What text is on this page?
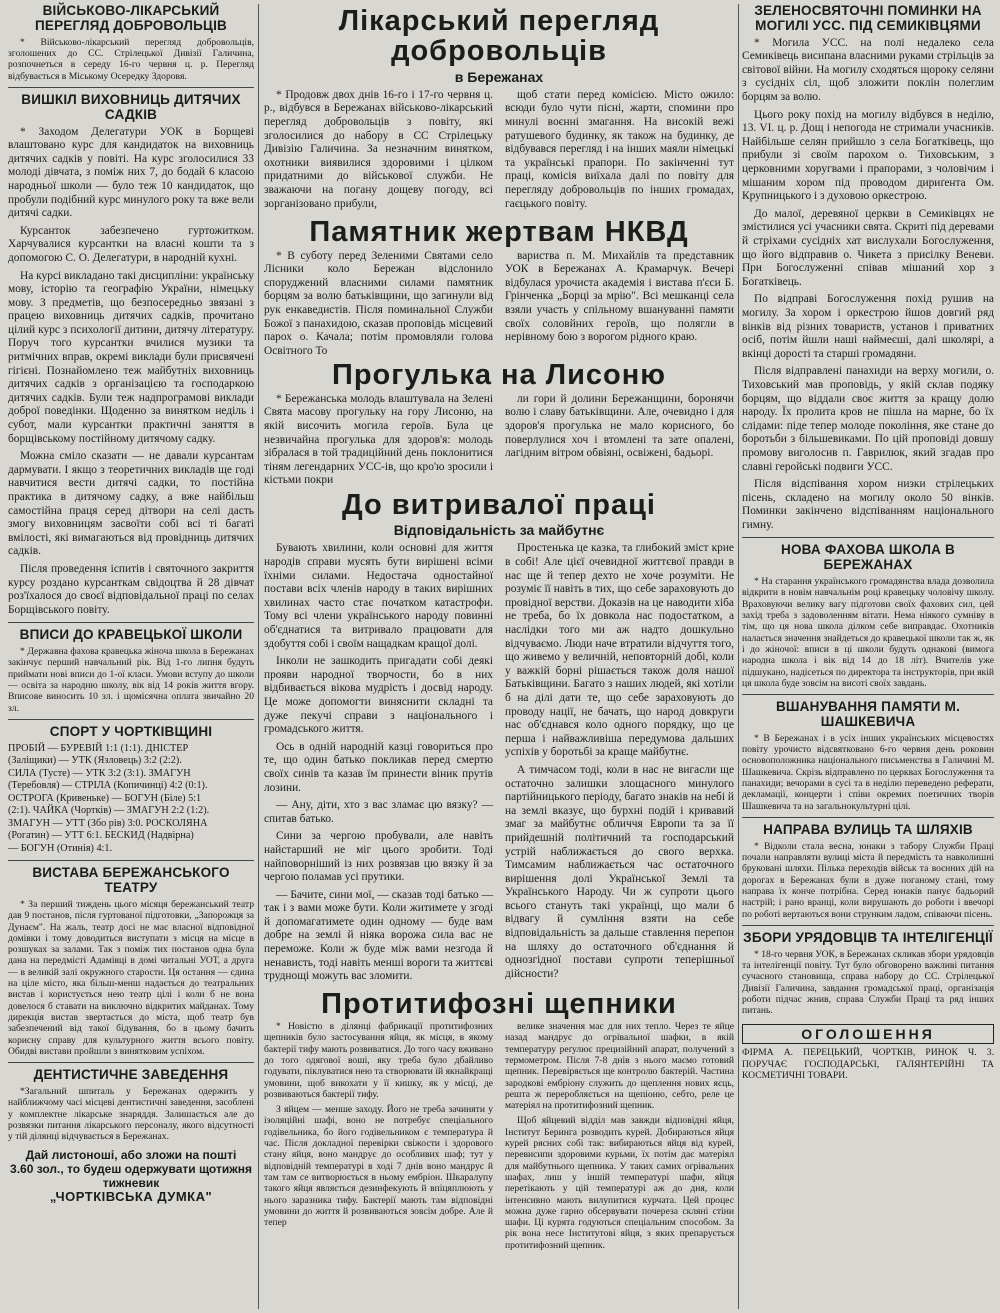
ВІЙСЬКОВО-ЛІКАРСЬКИЙ ПЕРЕГЛЯД ДОБРОВОЛЬЦІВ

* Військово-лікарський перегляд добровольців, зголошених до СС. Стрілецької Дивізії Галичина, розпочнеться в середу 16-го червня ц. р. Перегляд відбувається в Міському Осередку Здоровя.

ВИШКІЛ ВИХОВНИЦЬ ДИТЯЧИХ САДКІВ

* Заходом Делегатури УОК в Борщеві влаштовано курс для кандидаток на виховниць дитячих садків у повіті. На курс зголосилися 33 молоді дівчата, з поміж них 7, до бодай 6 класою народньої школи — було теж 10 кандидаток, що пробули подібний курс минулого року та вже вели дитячі садки.

Курсанток забезпечено гуртожитком. Харчувалися курсантки на власні кошти та з допомогою С. О. Делегатури, в народній кухні.

На курсі викладано такі дисципліни: українську мову, історію та географію України, німецьку мову. З предметів, що безпосередньо звязані з працею виховниць дитячих садків, прочитано цілий курс з психології дитини, дитячу літературу. Поруч того курсантки вчилися музики та ритмічних вправ, окремі виклади були присвячені гігієні. Познайомлено теж майбутніх виховниць дитячих садків з організацією та господаркою дитячих садків. Були теж надпрограмові виклади доброї поведінки. Щоденно за винятком неділь і субот, мали курсантки практичні заняття в борщівському постійному дитячому садку.

Можна сміло сказати — не давали курсантам дармувати. І якщо з теоретичних викладів ще годі навчитися вести дитячі садки, то постійна практика в дитячому садку, а вже найбільш самостійна праця серед дітвори на селі дасть змогу виховницям засвоїти собі всі ті багаті вмілості, які вимагаються від провідниць дитячих садків.

Після проведення іспитів і святочного закриття курсу роздано курсанткам свідоцтва й 28 дівчат роз'їхалося до своєї відповідальної праці по селах Борщівського повіту.

ВПИСИ ДО КРАВЕЦЬКОЇ ШКОЛИ

* Державна фахова кравецька жіноча школа в Бережанах закінчує перший навчальний рік. Від 1-го липня будуть приймати нові вписи до 1-ої класи. Умови вступу до школи — освіта за народню школу, вік від 14 років життя вгору. Вписове виносить 10 зл. і щомісячна оплата звичайно 20 зл.

СПОРТ У ЧОРТКІВЩИНІ
ПРОБІЙ — БУРЕВІЙ 1:1 (1:1). ДНІСТЕР
(Заліщики) — УТК (Язловець) 3:2 (2:2).
СИЛА (Тусте) — УТК 3:2 (3:1). ЗМАГУН
(Теребовля) — СТРІЛА (Копичинці) 4:2 (0:1).
ОСТРОГА (Кривеньке) — БОГУН (Біле) 5:1
(2:1). ЧАЙКА (Чортків) — ЗМАГУН 2:2 (1:2).
ЗМАГУН — УТТ (Збо рів) 3:0. РОСКОЛЯНА
(Рогатин) — УТТ 6:1. БЕСКИД (Надвірна)
— БОГУН (Отинія) 4:1.
ВИСТАВА БЕРЕЖАНСЬКОГО ТЕАТРУ

* За перший тиждень цього місяця бережанський театр дав 9 постанов, після гуртованої підготовки, „Запорожця за Дунаєм". На жаль, театр досі не має власної відповідної домівки і тому доводиться виступати з місця на місце в розшуках за залами. Так з поміж тих постанов одна була дана на передмісті Адамівці в домі читальні УОТ, а друга — в великій залі окружного старости. Ця остання — єдина на ціле місто, яка більш-менш надається до театральних вистав і користується нею театр цілі і коли б не вона довелося б ставати на виключно відкритих майданах. Тому дирекція вистав звертається до міста, щоб театр був забезпечений від такої бідування, бо в цьому бачить корисну справу для культурного життя всього повіту. Обидві вистави пройшли з винятковим успіхом.

ДЕНТИСТИЧНЕ ЗАВЕДЕННЯ

*Загальний шпиталь у Бережанах одержить у найближчому часі місцеві дентистичні заведення, засоблені у комплектне лікарське знаряддя. Залишається але до розвязки питання лікарського персоналу, якого відсутності у тій ділянці відчувається в Бережанах.

Дай листоноші, або зложи на пошті
3.60 зол., то будеш одержувати щотижня тижневик
„ЧОРТКІВСЬКА ДУМКА"
Лікарський перегляд добровольців
в Бережанах

* Продовж двох днів 16-го і 17-го червня ц. р., відбувся в Бережанах військово-лікарський перегляд добровольців з повіту, які зголосилися до набору в СС Стрілецьку Дивізію Галичина. За незначним винятком, охотники виявилися здоровими і цілком придатними до військової служби. Не зважаючи на погану дощеву погоду, всі зорганізовано прибули,

щоб стати перед комісією. Місто ожило: всюди було чути пісні, жарти, спомини про минулі воєнні змагання. На високій вежі ратушевого будинку, як також на будинку, де відбувався перегляд і на інших маяли німецькі та українські прапори. По закінченні тут праці, комісія виїхала далі по повіту для перегляду добровольців по інших громадах, гаєцького повіту.

Памятник жертвам НКВД

* В суботу перед Зеленими Святами село Лісники коло Бережан відслонило споруджений власними силами памятник борцям за волю батьківщини, що загинули від рук енкаведистів. Після поминальної Служби Божої з панахидою, сказав проповідь місцевий парох о. Качала; потім промовляли голова Освітного То

вариства п. М. Михайлів та представник УОК в Бережанах А. Крамарчук. Вечері відбулася урочиста академія і вистава п'єси Б. Грінченка „Борці за мрію". Всі мешканці села взяли участь у спільному вшануванні памяти своїх соловйних героїв, що полягли в нерівному бою з ворогом рідного краю.

Прогулька на Лисоню

* Бережанська молодь влаштувала на Зелені Свята масову прогульку на гору Лисоню, на якій височить могила героїв. Була це незвичайна прогулька для здоров'я: молодь зібралася в той традиційний день поклонитися тіням легендарних УСС-ів, що кро'ю зросили і кістьми покри

ли гори й долини Бережанщини, боронячи волю і славу батьківщини. Але, очевидно і для здоров'я прогулька не мало корисного, бо поверлулися хоч і втомлені та зате опалені, лагідним вітром обвіяні, освіжені, бадьорі.

До витривалої праці
Відповідальність за майбутнє

Бувають хвилини, коли основні для життя народів справи мусять бути вирішені всіми їхніми силами. Недостача одностайної постави всіх членів народу в таких вирішних хвилинах часто стає початком катастрофи. Тому всі члени українського народу повинні об'єднатися та витривало працювати для здобуття собі і своїм нащадкам кращої долі.

Інколи не зашкодить пригадати собі деякі прояви народної творчости, бо в них відбивається вікова мудрість і досвід народу. Це може допомогти виняснити складні та дуже пекучі справи з національного і громадського життя.

Ось в одній народній казці говориться про те, що один батько покликав перед смертю своїх синів та казав їм принести віник прутів лозини.

— Ану, діти, хто з вас зламає цю вязку? — спитав батько.

Сини за чергою пробували, але навіть найстарший не міг цього зробити. Тоді найповорніший із них розвязав цю вязку й за чергою поламав усі прутики.

— Бачите, сини мої, — сказав тоді батько — так і з вами може бути. Коли житимете у згоді й допомагатимете один одному — буде вам добре на землі й ніяка ворожа сила вас не переможе. Коли ж буде між вами незгода й ненависть, тоді навіть менші вороги та життєві труднощі можуть вас зломити.

Простенька це казка, та глибокий зміст крие в собі! Але цієї очевидної життєвої правди в нас ще й тепер дехто не хоче розуміти. Не розуміє її навіть в тих, що себе зараховують до провідної верстви. Доказів на це наводити хіба не треба, бо їх довкола нас подостатком, а наслідки того ми аж надто дошкульно відчуваємо. Люди наче втратили відчуття того, що живемо у величній, неповторній добі, коли у важкій борні рішається також доля нашої Батьківщини. Багато з наших людей, які хотіли б на ділі дати те, що себе зараховують до проводу нації, не бачать, що народ довкруги нас об'єднався коло одного порядку, що це перша і найважливіша передумова дальших успіхів у боротьбі за краще майбутнє.

А тимчасом тоді, коли в нас не вигасли ще остаточно залишки злощасного минулого партійницького періоду, багато знаків на небі й на землі вказує, що бурхні подій і кривавий змаг за майбутнє обличчя Европи та за її прийдешній політичний та господарський устрій наближається до свого верхка. Тимсамим наближається час остаточного вирішення долі Української Землі та Українського Народу. Чи ж супроти цього всього стануть такі українці, що мали б відвагу й сумління взяти на себе відповідальність за дальше ставлення перепон на шляху до остаточного об'єднання й однозгідної постави супроти теперішньої дійсности?

Протитифозні щепники

* Новістю в ділянці фабрикації протитифозних щепників було застосування яйця, як місця, в якому бактерії тифу мають розвиватися. До того часу вживано до того одягової вошi, яку треба було дбайливо годувати, піклуватися нею та створювати їй якнайкращі умовини, щоб викохати у її кишку, як у місці, де розвиваються бактерії тифу.

З яйцем — менше заходу. Його не треба зачиняти у ізоляційні шафі, воно не потребує спеціального годівельника, бо його годівельником є температура й час. Після докладної перевірки свіжости і здорового стану яйця, воно мандрує до особливих шаф; тут у відповідній температурі в ході 7 днів воно мандрує й там там се витворюється в ньому ембріон. Шкаралупу такого яйця являється дезинфекують й впіцяплюють у нього заразника тифу. Бактерії мають там відповідні умовини до життя й розвиваються зовсім добре. Але й тепер

велике значення має для них тепло. Через те яйце назад мандрує до огрівальної шафки, в якій температуру реґулює прецизійний апарат, получений з термометром. Після 7-8 днів з нього маємо готовий щепник. Перевіряється ще контролю бактерій. Частина зародкові ембріону служить до щеплення нових яєць, решта ж переробляється на щепіоню, себто, реле це матеріял на протитифозний щепник.

Щоб яйцевий відділ мав завжди відповідні яйця, Інститут Беринга розводить курей. Добираються яйця курей рясних собі так: вибираються яйця від курей, перевисипи здоровими курьми, їх потім дає матеріял для майбутнього щепника. У таких самих огрівальних шафах, лиш у іншій температурі шафи, яйця перетікають у цій температурі аж до дня, коли інтенсивно мають вилупитися курчата. Цей процес можна дуже гарно обсервувати почереза скляні стіни шафи. Ці курята годуються спеціальним способом. За рік вона несе Інститутові яйця, з яких препарується протитифозний щепник.

ЗЕЛЕНОСВЯТОЧНІ ПОМИНКИ НА МОГИЛІ УСС. ПІД СЕМИКІВЦЯМИ

* Могила УСС. на полі недалеко села Семиківець висипана власними руками стрільців за світової війни. На могилу сходяться щороку селяни з сусідніх сіл, щоб зложити поклін полеглим борцям за волю.

Цього року похід на могилу відбувся в неділю, 13. VI. ц. р. Дощ і непогода не стримали учасників. Найбільше селян прийшло з села Богатківець, що прибули зі своїм парохом о. Тиховським, з церковними хоругвами і прапорами, з чоловічим і мішаним хором під проводом дириґента Ом. Крупницького і з духовою оркестрою.

До малої, деревяної церкви в Семиківцях не змістилися усі учасники свята. Скриті під деревами й стріхами сусідніх хат вислухали Богослуження, що його відправив о. Чикета з присілку Веневи. При Богослуженні співав мішаний хор з Богатківець.

По відправі Богослуження похід рушив на могилу. За хором і оркестрою йшов довгий ряд вінків від різних товариств, установ і приватних осіб, потім йшли наші наймеєші, далі школярі, а вкінці дорості та старші громадяни.

Після відправлені панахиди на верху могили, о. Тиховський мав проповідь, у якій склав подяку борцям, що віддали своє життя за кращу долю народу. Їх пролита кров не пішла на марне, бо їх слідами: піде тепер молоде покоління, яке стане до боротьби з більшевиками. По цій проповіді довшу промову виголосив п. Гаврилюк, який згадав про славні геройські подвиги УСС.

Після відспівання хором низки стрілецьких пісень, складено на могилу около 50 вінків. Поминки закінчено відспіванням національного гимну.

НОВА ФАХОВА ШКОЛА В БЕРЕЖАНАХ

* На старання українського громадянства влада дозволила відкрити в новім навчальнім році кравецьку чоловічу школу. Враховуючи велику вагу підготови своїх фахових сил, цей захід треба з задоволенням вітати. Нема ніякого сумніву в тім, що ця нова школа ділком себе виправдає. Охотників налається значення знайдеться до кравецької школи так ж, як і до жіночої: вписи в ці школи будуть однакові (вимога народна школа і вік від 14 до 18 літ). Вчителів уже підшукано, надісеться по директора та інструкторів, при якій ця школа буде зовсім на висоті своїх завдань.

ВШАНУВАННЯ ПАМЯТИ М. ШАШКЕВИЧА

* В Бережанах і в усіх інших українських місцевостях повіту урочисто відсвятковано 6-го червня день роковин основоположника національного письменства в Галичині М. Шашкевича. Скрізь відправлено по церквах Богослуження та панахиди; вечорами в сусі та в неділю переведено реферати, декламації, концерти і співи окремих поетичних творів Шашкевича та на загальнокультурні цілі.

НАПРАВА ВУЛИЦЬ ТА ШЛЯХІВ

* Відколи стала весна, юнаки з табору Служби Праці почали направляти вулиці міста й передмість та навколишні бруковані шляхи. Пілька переходів військ та воєнних дій на дорогах в Бережанах були в дуже поганому стані, тому направа їх конче потрібна. Серед юнаків панує бадьорий настрій; і рано вранці, коли вирушають до роботи і ввечорі по роботі вертаються вони струнким ладом, співаючи пісень.

ЗБОРИ УРЯДОВЦІВ ТА ІНТЕЛІГЕНЦІЇ

* 18-го червня УОК, в Бережанах скликав збори урядовців та інтелігенції повіту. Тут було обговорено важливі питання сучасного становища, справа набору до СС. Стрілецької Дивізії Галичина, завдання громадської праці, організація роботи підчас жнив, справа Служби Праці та ряд інших питань.

ОГОЛОШЕННЯ
ФІРМА А. ПЕРЕЦЬКИЙ, ЧОРТКІВ, РИНОК Ч. 3. ПОРУЧАЄ ГОСПОДАРСЬКІ, ГАЛЯНТЕРІЙНІ ТА КОСМЕТИЧНІ ТОВАРИ.
